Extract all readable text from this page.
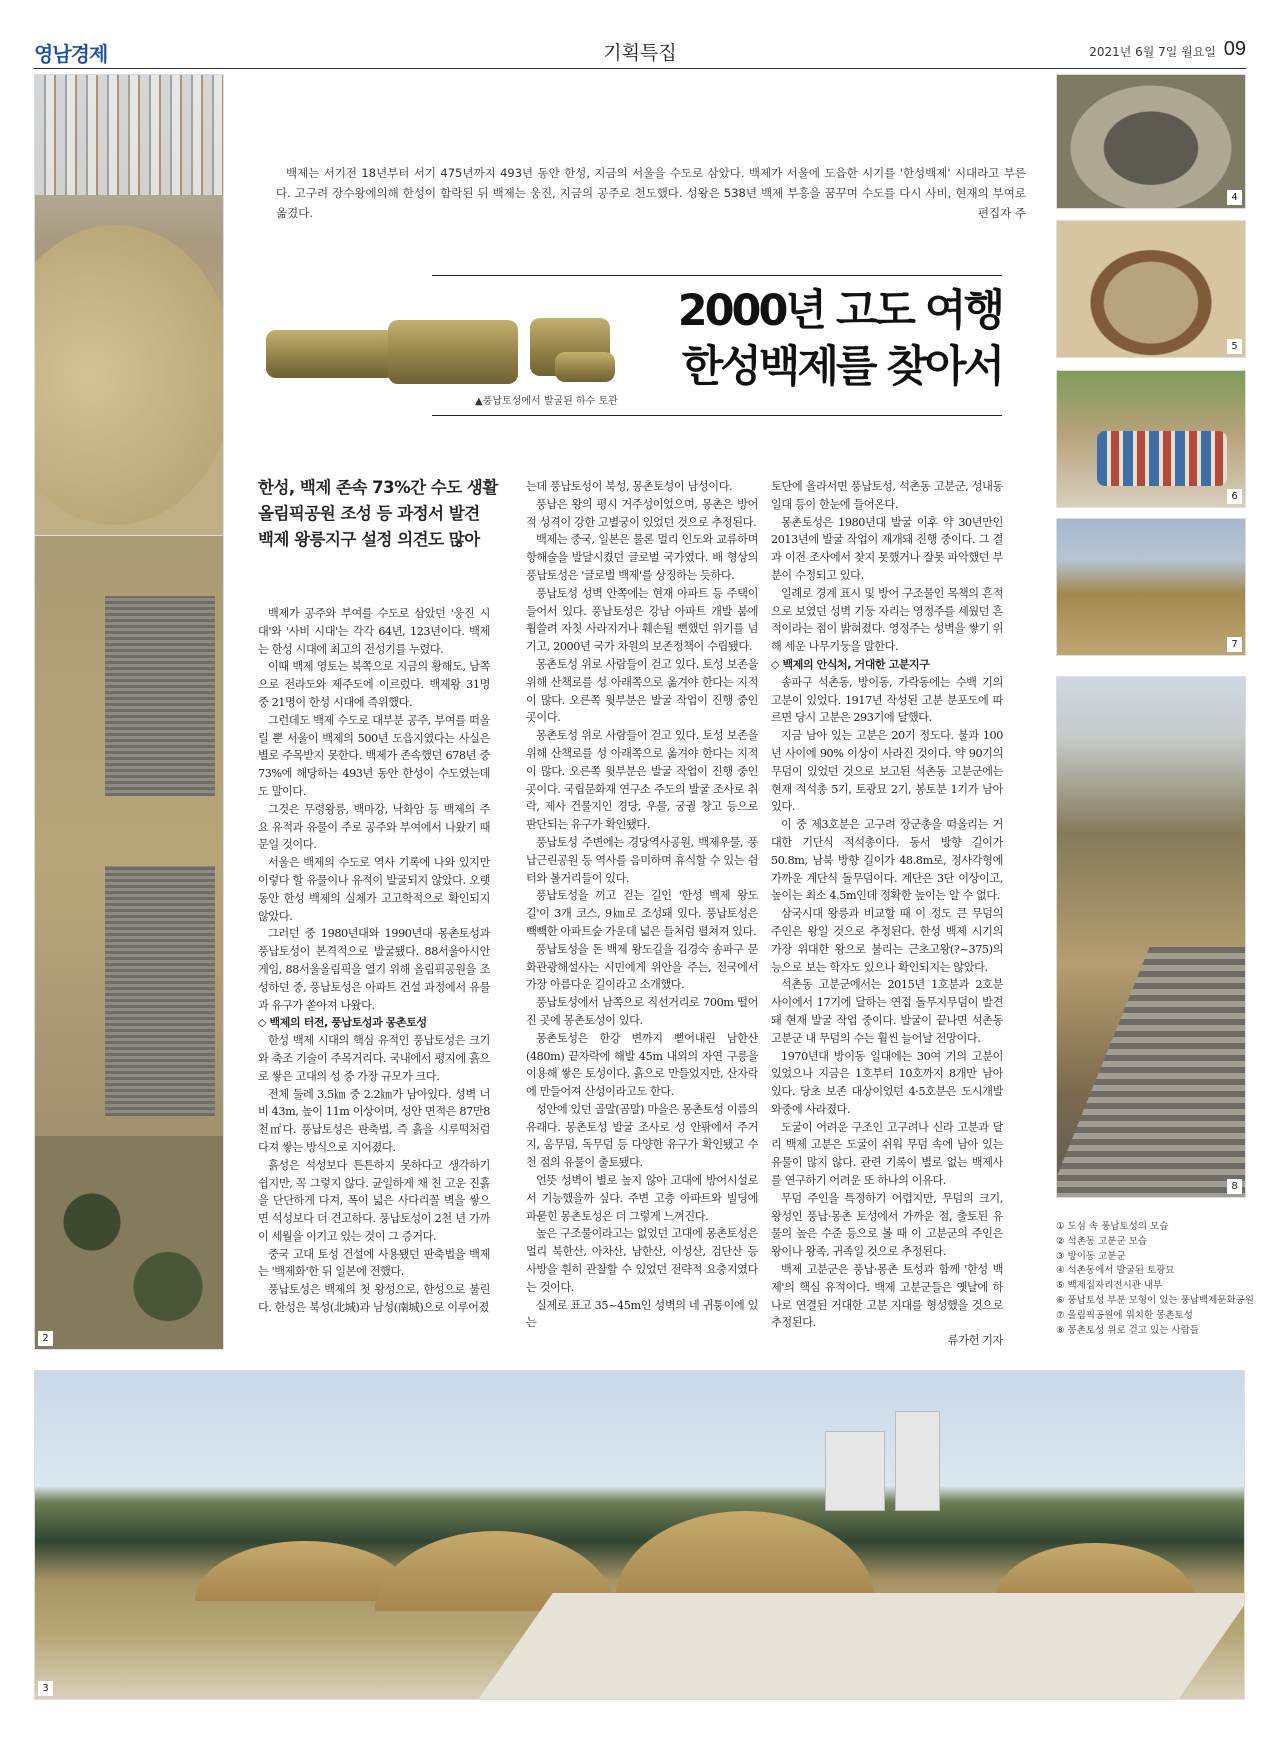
영남경제	기획특집	2021년 6월 7일 월요일 09
2
3
4
5
6
7
8
▲풍납토성에서 발굴된 하수 토관
백제는 서기전 18년부터 서기 475년까지 493년 동안 한성, 지금의 서울을 수도로 삼았다. 백제가 서울에 도읍한 시기를 '한성백제' 시대라고 부른다. 고구려 장수왕에의해 한성이 함락된 뒤 백제는 웅진, 지금의 공주로 천도했다. 성왕은 538년 백제 부흥을 꿈꾸며 수도를 다시 사비, 현재의 부여로 옮겼다.	편집자 주
2000년 고도 여행
한성백제를 찾아서
한성, 백제 존속 73%간 수도 생활
올림픽공원 조성 등 과정서 발견
백제 왕릉지구 설정 의견도 많아

백제가 공주와 부여를 수도로 삼았던 '웅진 시대'와 '사비 시대'는 각각 64년, 123년이다. 백제는 한성 시대에 최고의 전성기를 누렸다.

이때 백제 영토는 북쪽으로 지금의 황해도, 남쪽으로 전라도와 제주도에 이르렀다. 백제왕 31명 중 21명이 한성 시대에 즉위했다.

그런데도 백제 수도로 대부분 공주, 부여를 떠올릴 뿐 서울이 백제의 500년 도읍지였다는 사실은 별로 주목받지 못한다. 백제가 존속했던 678년 중 73%에 해당하는 493년 동안 한성이 수도였는데도 말이다.

그것은 무령왕릉, 백마강, 낙화암 등 백제의 주요 유적과 유물이 주로 공주와 부여에서 나왔기 때문일 것이다.

서울은 백제의 수도로 역사 기록에 나와 있지만 이렇다 할 유물이나 유적이 발굴되지 않았다. 오랫동안 한성 백제의 실체가 고고학적으로 확인되지 않았다.

그러던 중 1980년대와 1990년대 몽촌토성과 풍납토성이 본격적으로 발굴됐다. 88서울아시안게임, 88서울올림픽을 열기 위해 올림픽공원을 조성하던 중, 풍납토성은 아파트 건설 과정에서 유물과 유구가 쏟아져 나왔다.

◇ 백제의 터전, 풍납토성과 몽촌토성

한성 백제 시대의 핵심 유적인 풍납토성은 크기와 축조 기술이 주목거리다. 국내에서 평지에 흙으로 쌓은 고대의 성 중 가장 규모가 크다.

전체 둘레 3.5㎞ 중 2.2㎞가 남아있다. 성벽 너비 43m, 높이 11m 이상이며, 성안 면적은 87만8천㎡다. 풍납토성은 판축법, 즉 흙을 시루떡처럼 다져 쌓는 방식으로 지어졌다.

흙성은 석성보다 튼튼하지 못하다고 생각하기 쉽지만, 꼭 그렇지 않다. 균일하게 채 친 고운 진흙을 단단하게 다져, 폭이 넓은 사다리꼴 벽을 쌓으면 석성보다 더 견고하다. 풍납토성이 2천 년 가까이 세월을 이기고 있는 것이 그 증거다.

중국 고대 토성 건설에 사용됐던 판축법을 백제는 '백제화'한 뒤 일본에 전했다.

풍납토성은 백제의 첫 왕성으로, 한성으로 불린다. 한성은 북성(北城)과 남성(南城)으로 이루어졌

는데 풍납토성이 북성, 몽촌토성이 남성이다.

풍납은 왕의 평시 거주성이었으며, 몽촌은 방어적 성격이 강한 고별궁이 있었던 것으로 추정된다.

백제는 중국, 일본은 물론 멀리 인도와 교류하며 항해술을 발달시켰던 글로벌 국가였다. 배 형상의 풍납토성은 '글로벌 백제'를 상징하는 듯하다.

풍납토성 성벽 안쪽에는 현재 아파트 등 주택이 들어서 있다. 풍납토성은 강남 아파트 개발 붐에 휩쓸려 자칫 사라지거나 훼손될 뻔했던 위기를 넘기고, 2000년 국가 차원의 보존정책이 수립됐다.

몽촌토성 위로 사람들이 걷고 있다. 토성 보존을 위해 산책로를 성 아래쪽으로 옮겨야 한다는 지적이 많다. 오른쪽 윗부분은 발굴 작업이 진행 중인 곳이다.

몽촌토성 위로 사람들이 걷고 있다. 토성 보존을 위해 산책로를 성 아래쪽으로 옮겨야 한다는 지적이 많다. 오른쪽 윗부분은 발굴 작업이 진행 중인 곳이다. 국립문화재 연구소 주도의 발굴 조사로 취락, 제사 건물지인 경당, 우물, 궁궐 창고 등으로 판단되는 유구가 확인됐다.

풍납토성 주변에는 경당역사공원, 백제우물, 풍납근린공원 등 역사를 음미하며 휴식할 수 있는 쉼터와 볼거리들이 있다.

풍납토성을 끼고 걷는 길인 '한성 백제 왕도길'이 3개 코스, 9㎞로 조성돼 있다. 풍납토성은 빽빽한 아파트숲 가운데 넓은 들처럼 펼쳐져 있다.

풍납토성을 돈 백제 왕도길을 김경숙 송파구 문화관광해설사는 시민에게 위안을 주는, 전국에서 가장 아름다운 길이라고 소개했다.

풍납토성에서 남쪽으로 직선거리로 700m 떨어진 곳에 몽촌토성이 있다.

몽촌토성은 한강 변까지 뻗어내린 남한산(480m) 끝자락에 해발 45m 내외의 자연 구릉을 이용해 쌓은 토성이다. 흙으로 만들었지만, 산자락에 만들어져 산성이라고도 한다.

성안에 있던 골말(곰말) 마을은 몽촌토성 이름의 유래다. 몽촌토성 발굴 조사로 성 안팎에서 주거지, 움무덤, 독무덤 등 다양한 유구가 확인됐고 수천 점의 유물이 출토됐다.

언뜻 성벽이 별로 높지 않아 고대에 방어시설로서 기능했을까 싶다. 주변 고층 아파트와 빌딩에 파묻힌 몽촌토성은 더 그렇게 느껴진다.

높은 구조물이라고는 없었던 고대에 몽촌토성은 멀리 북한산, 아차산, 남한산, 이성산, 검단산 등 사방을 훤히 관찰할 수 있었던 전략적 요충지였다는 것이다.

실제로 표고 35~45m인 성벽의 네 귀퉁이에 있는

토단에 올라서면 풍납토성, 석촌동 고분군, 성내동 일대 등이 한눈에 들어온다.

몽촌토성은 1980년대 발굴 이후 약 30년만인 2013년에 발굴 작업이 재개돼 진행 중이다. 그 결과 이전 조사에서 찾지 못했거나 잘못 파악했던 부분이 수정되고 있다.

일례로 경계 표시 및 방어 구조물인 목책의 흔적으로 보였던 성벽 기둥 자리는 영정주를 세웠던 흔적이라는 점이 밝혀졌다. 영정주는 성벽을 쌓기 위해 세운 나무기둥을 말한다.

◇ 백제의 안식처, 거대한 고분지구

송파구 석촌동, 방이동, 가락동에는 수백 기의 고분이 있었다. 1917년 작성된 고분 분포도에 따르면 당시 고분은 293기에 달했다.

지금 남아 있는 고분은 20기 정도다. 불과 100년 사이에 90% 이상이 사라진 것이다. 약 90기의 무덤이 있었던 것으로 보고된 석촌동 고분군에는 현재 적석총 5기, 토광묘 2기, 봉토분 1기가 남아있다.

이 중 제3호분은 고구려 장군총을 떠올리는 거대한 기단식 적석총이다. 동서 방향 길이가 50.8m, 남북 방향 길이가 48.8m로, 정사각형에 가까운 계단식 돌무덤이다. 계단은 3단 이상이고, 높이는 최소 4.5m인데 정확한 높이는 알 수 없다.

삼국시대 왕릉과 비교할 때 이 정도 큰 무덤의 주인은 왕일 것으로 추정된다. 한성 백제 시기의 가장 위대한 왕으로 불리는 근초고왕(?~375)의 능으로 보는 학자도 있으나 확인되지는 않았다.

석촌동 고분군에서는 2015년 1호분과 2호분 사이에서 17기에 달하는 연접 돌무지무덤이 발견돼 현재 발굴 작업 중이다. 발굴이 끝나면 석촌동 고분군 내 무덤의 수는 훨씬 늘어날 전망이다.

1970년대 방이동 일대에는 30여 기의 고분이 있었으나 지금은 1호부터 10호까지 8개만 남아 있다. 당초 보존 대상이었던 4·5호분은 도시개발 와중에 사라졌다.

도굴이 어려운 구조인 고구려나 신라 고분과 달리 백제 고분은 도굴이 쉬워 무덤 속에 남아 있는 유물이 많지 않다. 관련 기록이 별로 없는 백제사를 연구하기 어려운 또 하나의 이유다.

무덤 주인을 특정하기 어렵지만, 무덤의 크기, 왕성인 풍납·몽촌 토성에서 가까운 점, 출토된 유물의 높은 수준 등으로 볼 때 이 고분군의 주인은 왕이나 왕족, 귀족일 것으로 추정된다.

백제 고분군은 풍납·몽촌 토성과 함께 '한성 백제'의 핵심 유적이다. 백제 고분군들은 옛날에 하나로 연결된 거대한 고분 지대를 형성했을 것으로 추정된다.

류가헌 기자

① 도심 속 풍납토성의 모습
② 석촌동 고분군 모습
③ 방이동 고분군
④ 석촌동에서 발굴된 토광묘
⑤ 백제집자리전시관 내부
⑥ 풍납토성 부분 모형이 있는 풍납백제문화공원
⑦ 올림픽공원에 위치한 몽촌토성
⑧ 몽촌토성 위로 걷고 있는 사람들
